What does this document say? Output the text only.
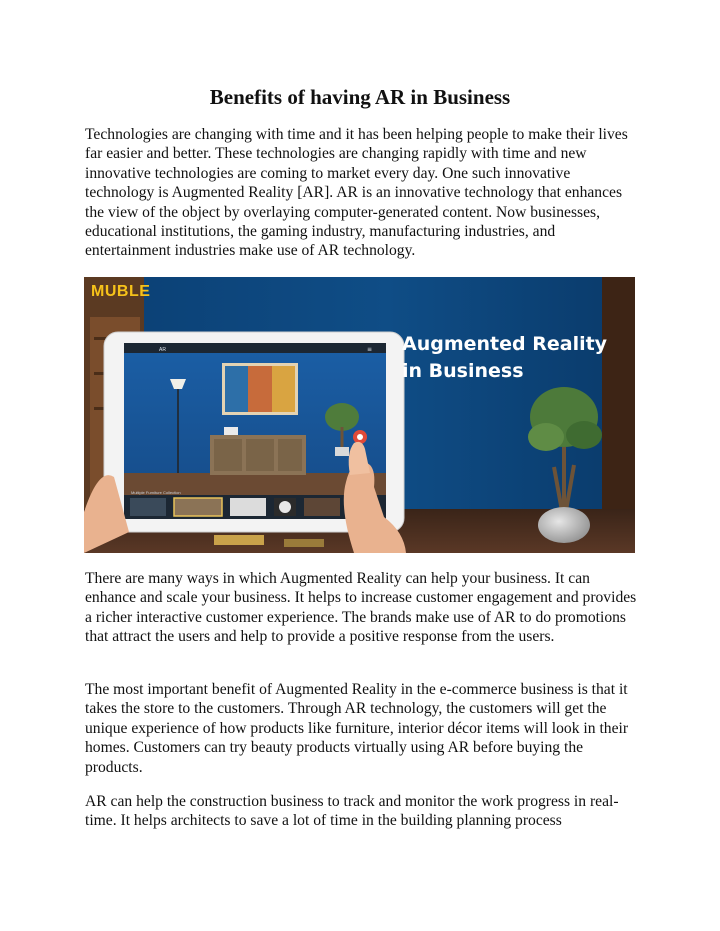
Benefits of having AR in Business

Technologies are changing with time and it has been helping people to make their lives far easier and better. These technologies are changing rapidly with time and new innovative technologies are coming to market every day. One such innovative technology is Augmented Reality [AR]. AR is an innovative technology that enhances the view of the object by overlaying computer-generated content. Now businesses, educational institutions, the gaming industry, manufacturing industries, and entertainment industries make use of AR technology.

MUBLE
Augmented Reality
in Business
AR	≡
Multiple Furniture Collection

There are many ways in which Augmented Reality can help your business. It can enhance and scale your business. It helps to increase customer engagement and provides a richer interactive customer experience. The brands make use of AR to do promotions that attract the users and help to provide a positive response from the users.

The most important benefit of Augmented Reality in the e-commerce business is that it takes the store to the customers. Through AR technology, the customers will get the unique experience of how products like furniture, interior décor items will look in their homes. Customers can try beauty products virtually using AR before buying the products.

AR can help the construction business to track and monitor the work progress in real-time. It helps architects to save a lot of time in the building planning process
